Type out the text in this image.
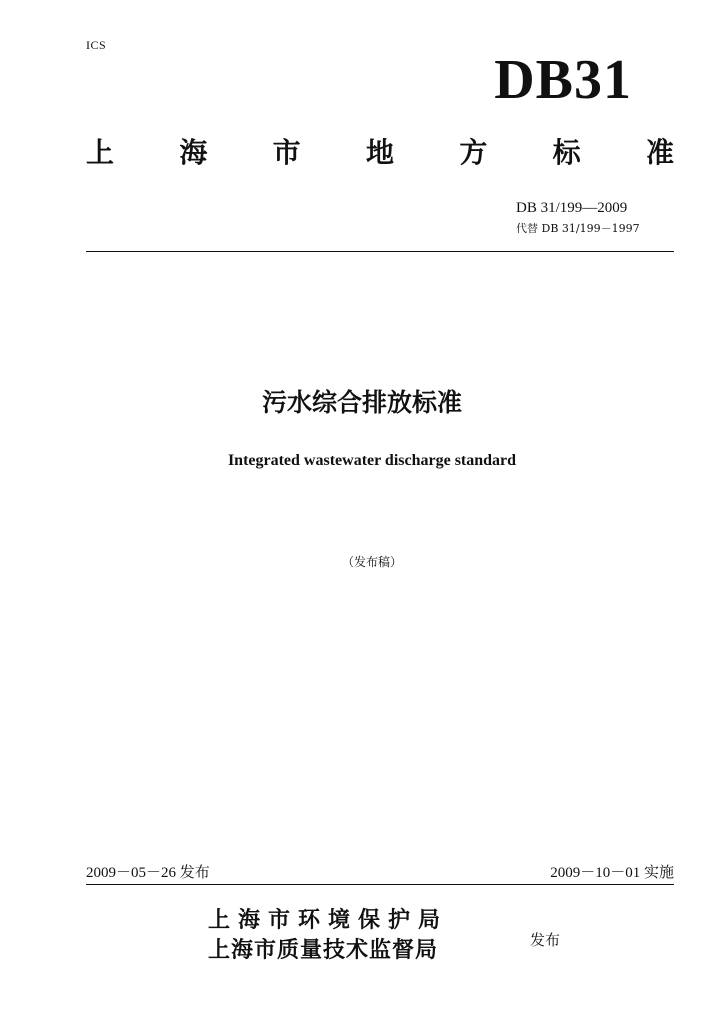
ICS
DB31
上 海 市 地 方 标 准
DB 31/199—2009
代替 DB 31/199－1997
污水综合排放标准
Integrated wastewater discharge standard
（发布稿）
2009－05－26 发布	2009－10－01 实施
上海市环境保护局
上海市质量技术监督局	发布
